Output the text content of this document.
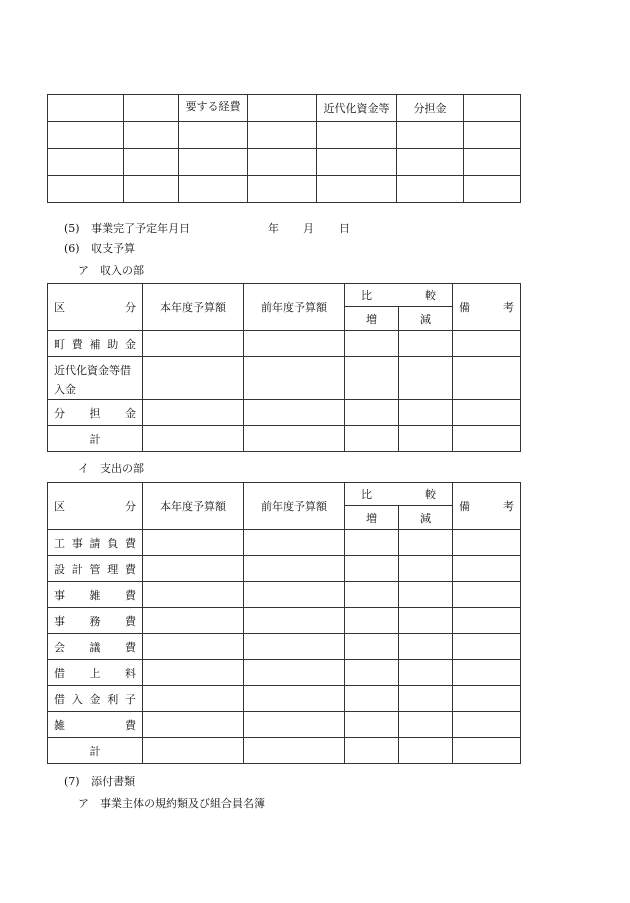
		要する経費		近代化資金等	分担金	

(5) 事業完了予定年月日	年 月 日
(6) 収支予算
ア　収入の部
区 分	本年度予算額	前年度予算額	比 較		備 考

			増	減	
町費補助金					
近代化資金等借入金					
分担金					
計					
イ　支出の部
区 分	本年度予算額	前年度予算額	比 較		備 考

			増	減	
工事請負費					
設計管理費					
事雑費					
事務費					
会議費					
借上料					
借入金利子					
雑費					
計					
(7) 添付書類
ア　事業主体の規約類及び組合員名簿
